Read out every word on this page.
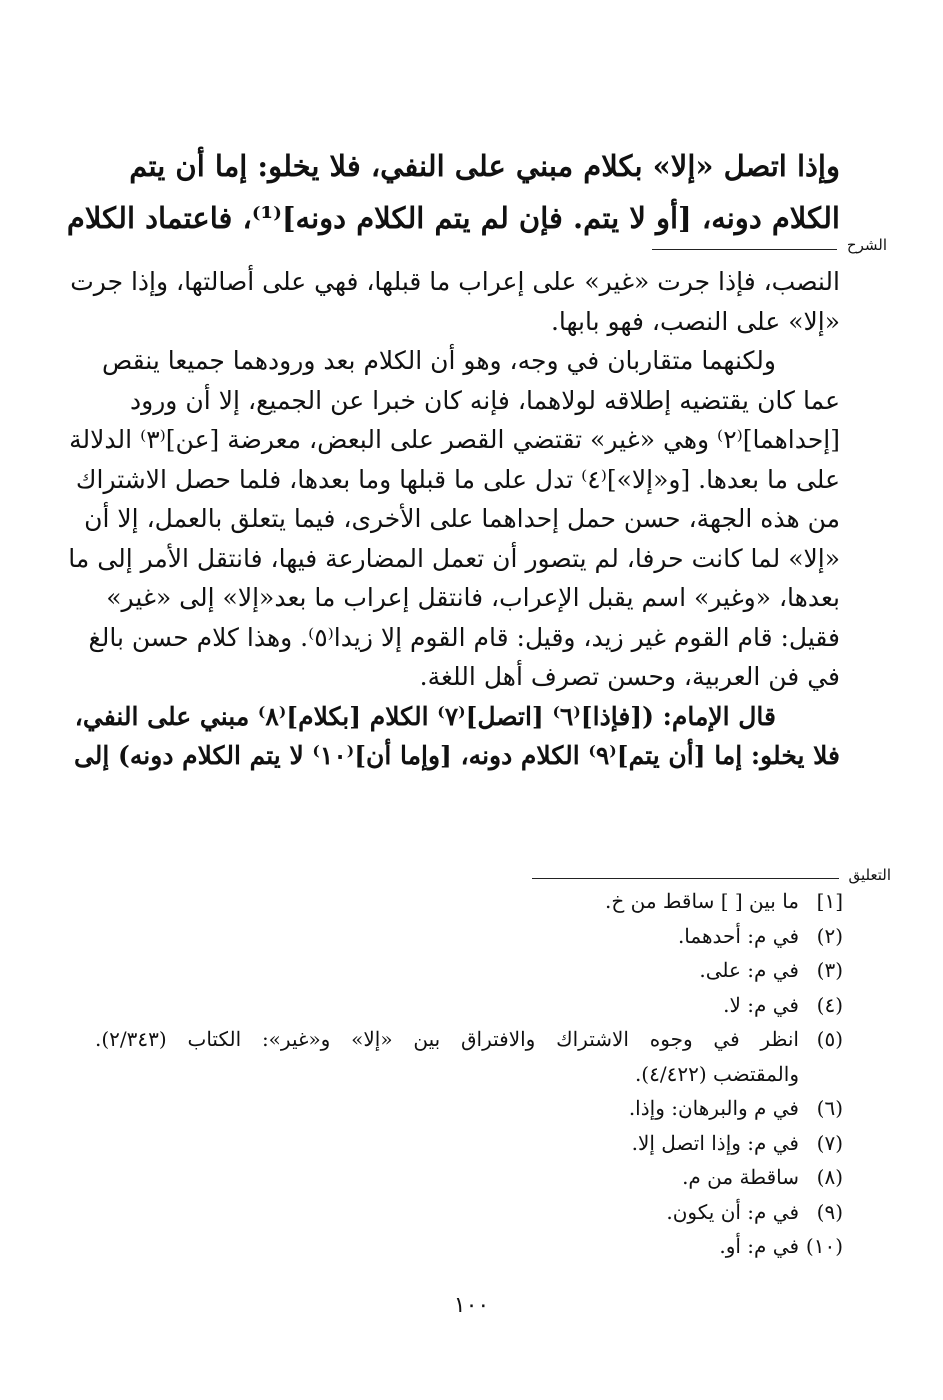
وإذا اتصل «إلا» بكلام مبني على النفي، فلا يخلو: إما أن يتم
الكلام دونه، [أو لا يتم. فإن لم يتم الكلام دونه]⁽¹⁾، فاعتماد الكلام
الشرح
النصب، فإذا جرت «غير» على إعراب ما قبلها، فهي على أصالتها، وإذا جرت
«إلا» على النصب، فهو بابها.
ولكنهما متقاربان في وجه، وهو أن الكلام بعد ورودهما جميعا ينقص
عما كان يقتضيه إطلاقه لولاهما، فإنه كان خبرا عن الجميع، إلا أن ورود
[إحداهما]⁽٢⁾ وهي «غير» تقتضي القصر على البعض، معرضة [عن]⁽٣⁾ الدلالة
على ما بعدها. [و«إلا»]⁽٤⁾ تدل على ما قبلها وما بعدها، فلما حصل الاشتراك
من هذه الجهة، حسن حمل إحداهما على الأخرى، فيما يتعلق بالعمل، إلا أن
«إلا» لما كانت حرفا، لم يتصور أن تعمل المضارعة فيها، فانتقل الأمر إلى ما
بعدها، «وغير» اسم يقبل الإعراب، فانتقل إعراب ما بعد«إلا» إلى «غير»
فقيل: قام القوم غير زيد، وقيل: قام القوم إلا زيدا⁽٥⁾. وهذا كلام حسن بالغ
في فن العربية، وحسن تصرف أهل اللغة.
قال الإمام: ([فإذا]⁽٦⁾ [اتصل]⁽٧⁾ الكلام [بكلام]⁽٨⁾ مبني على النفي،
فلا يخلو: إما [أن يتم]⁽٩⁾ الكلام دونه، [وإما أن]⁽١٠⁾ لا يتم الكلام دونه) إلى
التعليق
[١]
ما بين [ ] ساقط من خ.
(٢)
في م: أحدهما.
(٣)
في م: على.
(٤)
في م: لا.
(٥)
انظر في وجوه الاشتراك والافتراق بين «إلا» و«غير»: الكتاب (٢/٣٤٣).
والمقتضب (٤/٤٢٢).
(٦)
في م والبرهان: وإذا.
(٧)
في م: وإذا اتصل إلا.
(٨)
ساقطة من م.
(٩)
في م: أن يكون.
(١٠)
في م: أو.
١٠٠
